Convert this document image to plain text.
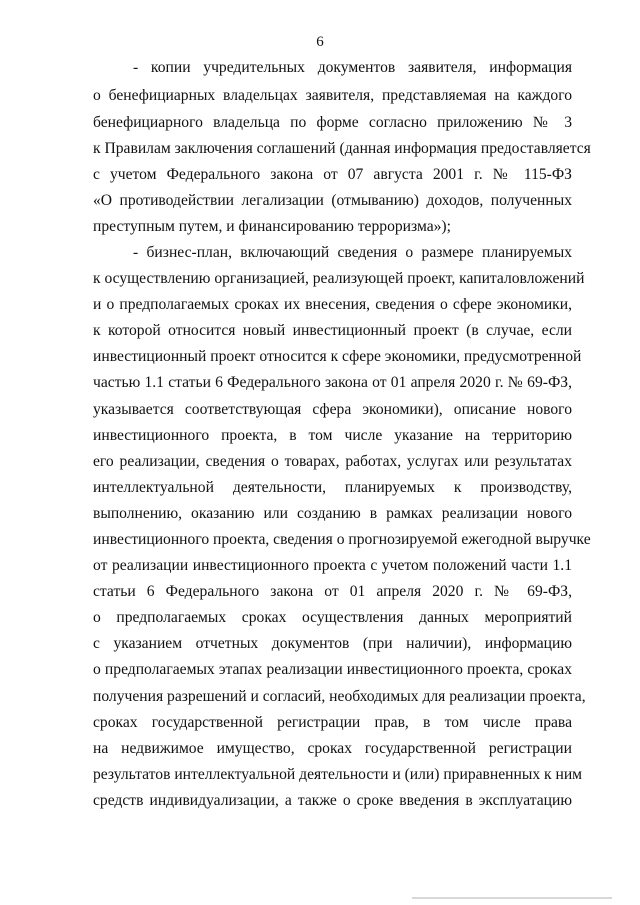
6
- копии учредительных документов заявителя, информация
о бенефициарных владельцах заявителя, представляемая на каждого
бенефициарного владельца по форме согласно приложению № 3
к Правилам заключения соглашений (данная информация предоставляется
с учетом Федерального закона от 07 августа 2001 г. № 115-ФЗ
«О противодействии легализации (отмыванию) доходов, полученных
преступным путем, и финансированию терроризма»);
- бизнес-план, включающий сведения о размере планируемых
к осуществлению организацией, реализующей проект, капиталовложений
и о предполагаемых сроках их внесения, сведения о сфере экономики,
к которой относится новый инвестиционный проект (в случае, если
инвестиционный проект относится к сфере экономики, предусмотренной
частью 1.1 статьи 6 Федерального закона от 01 апреля 2020 г. № 69-ФЗ,
указывается соответствующая сфера экономики), описание нового
инвестиционного проекта, в том числе указание на территорию
его реализации, сведения о товарах, работах, услугах или результатах
интеллектуальной деятельности, планируемых к производству,
выполнению, оказанию или созданию в рамках реализации нового
инвестиционного проекта, сведения о прогнозируемой ежегодной выручке
от реализации инвестиционного проекта с учетом положений части 1.1
статьи 6 Федерального закона от 01 апреля 2020 г. № 69-ФЗ,
о предполагаемых сроках осуществления данных мероприятий
с указанием отчетных документов (при наличии), информацию
о предполагаемых этапах реализации инвестиционного проекта, сроках
получения разрешений и согласий, необходимых для реализации проекта,
сроках государственной регистрации прав, в том числе права
на недвижимое имущество, сроках государственной регистрации
результатов интеллектуальной деятельности и (или) приравненных к ним
средств индивидуализации, а также о сроке введения в эксплуатацию
